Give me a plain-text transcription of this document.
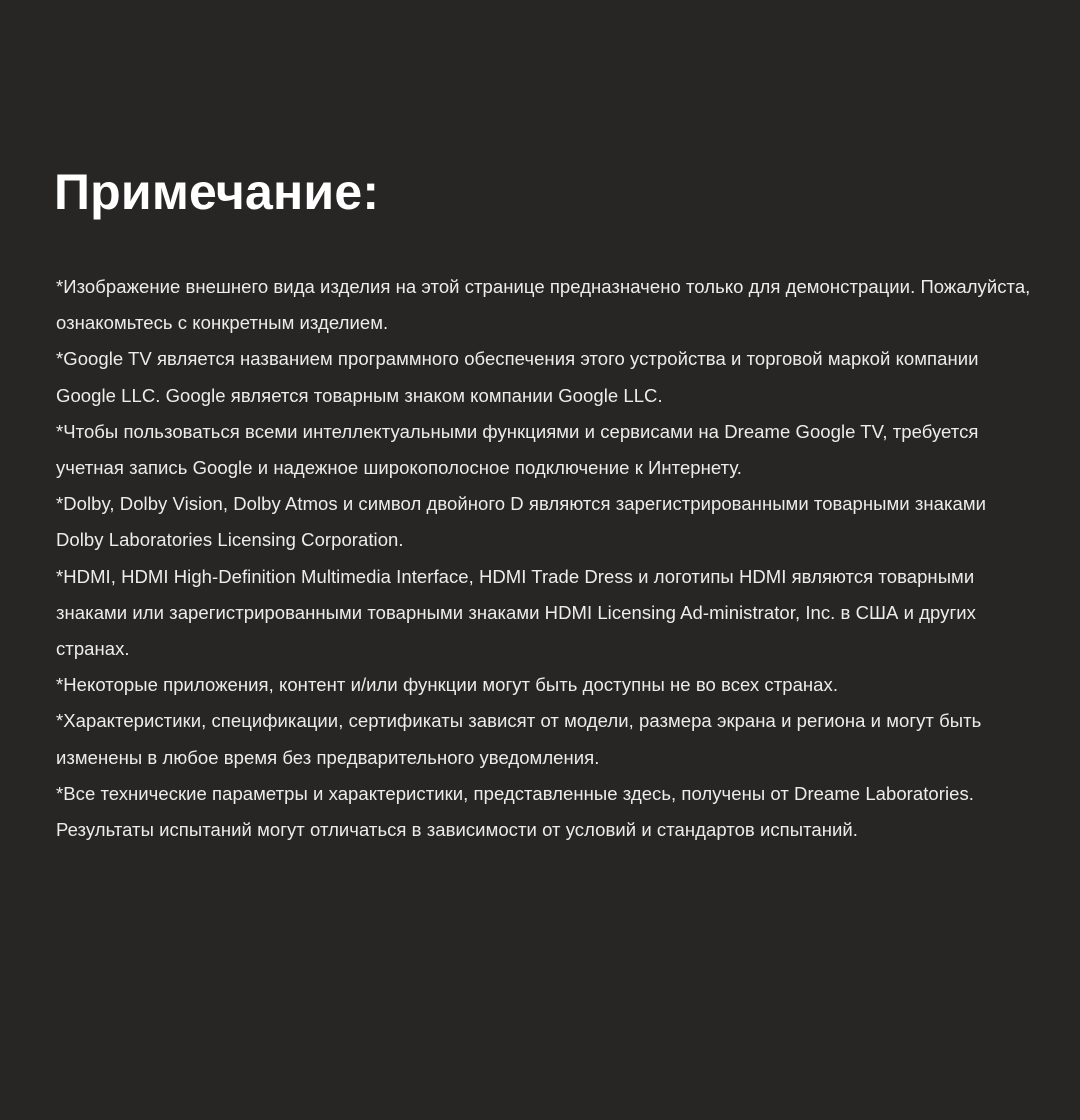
Примечание:
*Изображение внешнего вида изделия на этой странице предназначено только для демонстрации. Пожалуйста, ознакомьтесь с конкретным изделием.
*Google TV является названием программного обеспечения этого устройства и торговой маркой компании Google LLC. Google является товарным знаком компании Google LLC.
*Чтобы пользоваться всеми интеллектуальными функциями и сервисами на Dreame Google TV, требуется учетная запись Google и надежное широкополосное подключение к Интернету.
*Dolby, Dolby Vision, Dolby Atmos и символ двойного D являются зарегистрированными товарными знаками Dolby Laboratories Licensing Corporation.
*HDMI, HDMI High-Definition Multimedia Interface, HDMI Trade Dress и логотипы HDMI являются товарными знаками или зарегистрированными товарными знаками HDMI Licensing Ad-ministrator, Inc. в США и других странах.
*Некоторые приложения, контент и/или функции могут быть доступны не во всех странах.
*Характеристики, спецификации, сертификаты зависят от модели, размера экрана и региона и могут быть изменены в любое время без предварительного уведомления.
*Все технические параметры и характеристики, представленные здесь, получены от Dreame Laboratories. Результаты испытаний могут отличаться в зависимости от условий и стандартов испытаний.
